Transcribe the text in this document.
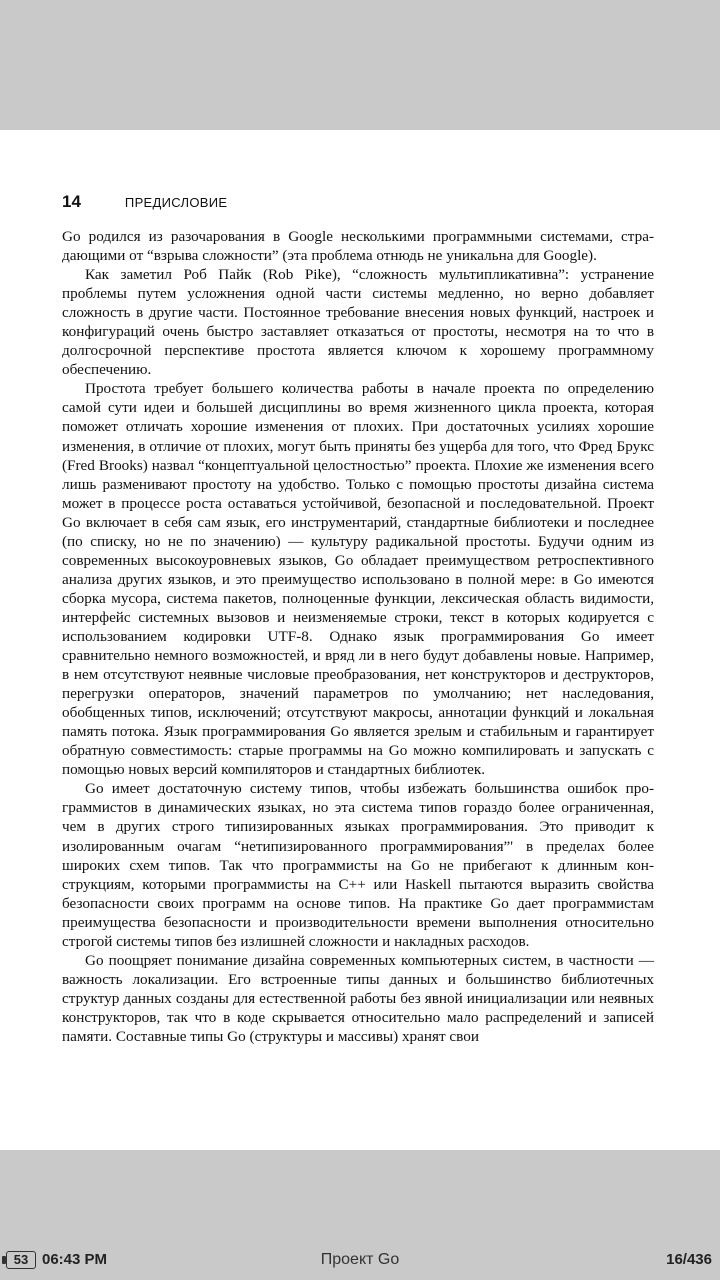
14	ПРЕДИСЛОВИЕ

Go родился из разочарования в Google несколькими программными системами, страдающими от “взрыва сложности” (эта проблема отнюдь не уникальна для Google).

Как заметил Роб Пайк (Rob Pike), “сложность мультипликативна”: устранение проблемы путем усложнения одной части системы медленно, но верно добавляет сложность в другие части. Постоянное требование внесения новых функций, настроек и конфигураций очень быстро заставляет отказаться от простоты, несмотря на то что в долгосрочной перспективе простота является ключом к хорошему программному обеспечению.

Простота требует большего количества работы в начале проекта по определению самой сути идеи и большей дисциплины во время жизненного цикла проекта, которая поможет отличать хорошие изменения от плохих. При достаточных усилиях хорошие изменения, в отличие от плохих, могут быть приняты без ущерба для того, что Фред Брукс (Fred Brooks) назвал “концептуальной целостностью” проекта. Плохие же изменения всего лишь разменивают простоту на удобство. Только с помощью простоты дизайна система может в процессе роста оставаться устойчивой, безопасной и последовательной. Проект Go включает в себя сам язык, его инструментарий, стандартные библиотеки и последнее (по списку, но не по значению) — культуру радикальной простоты. Будучи одним из современных высокоуровневых языков, Go обладает преимуществом ретроспективного анализа других языков, и это преимущество использовано в полной мере: в Go имеются сборка мусора, система пакетов, полноценные функции, лексическая область видимости, интерфейс системных вызовов и неизменяемые строки, текст в которых кодируется с использованием кодировки UTF-8. Однако язык программирования Go имеет сравнительно немного возможностей, и вряд ли в него будут добавлены новые. Например, в нем отсутствуют неявные числовые преобразования, нет конструкторов и деструкторов, перегрузки операторов, значений параметров по умолчанию; нет наследования, обобщенных типов, исключений; отсутствуют макросы, аннотации функций и локальная память потока. Язык программирования Go является зрелым и стабильным и гарантирует обратную совместимость: старые программы на Go можно компилировать и запускать с помощью новых версий компиляторов и стандартных библиотек.

Go имеет достаточную систему типов, чтобы избежать большинства ошибок программистов в динамических языках, но эта система типов гораздо более ограниченная, чем в других строго типизированных языках программирования. Это приводит к изолированным очагам “нетипизированного программирования”' в пределах более широких схем типов. Так что программисты на Go не прибегают к длинным конструкциям, которыми программисты на C++ или Haskell пытаются выразить свойства безопасности своих программ на основе типов. На практике Go дает программистам преимущества безопасности и производительности времени выполнения относительно строгой системы типов без излишней сложности и накладных расходов.

Go поощряет понимание дизайна современных компьютерных систем, в частности — важность локализации. Его встроенные типы данных и большинство библиотечных структур данных созданы для естественной работы без явной инициализации или неявных конструкторов, так что в коде скрывается относительно мало распределений и записей памяти. Составные типы Go (структуры и массивы) хранят свои

53 06:43 PM	Проект Go	16/436
